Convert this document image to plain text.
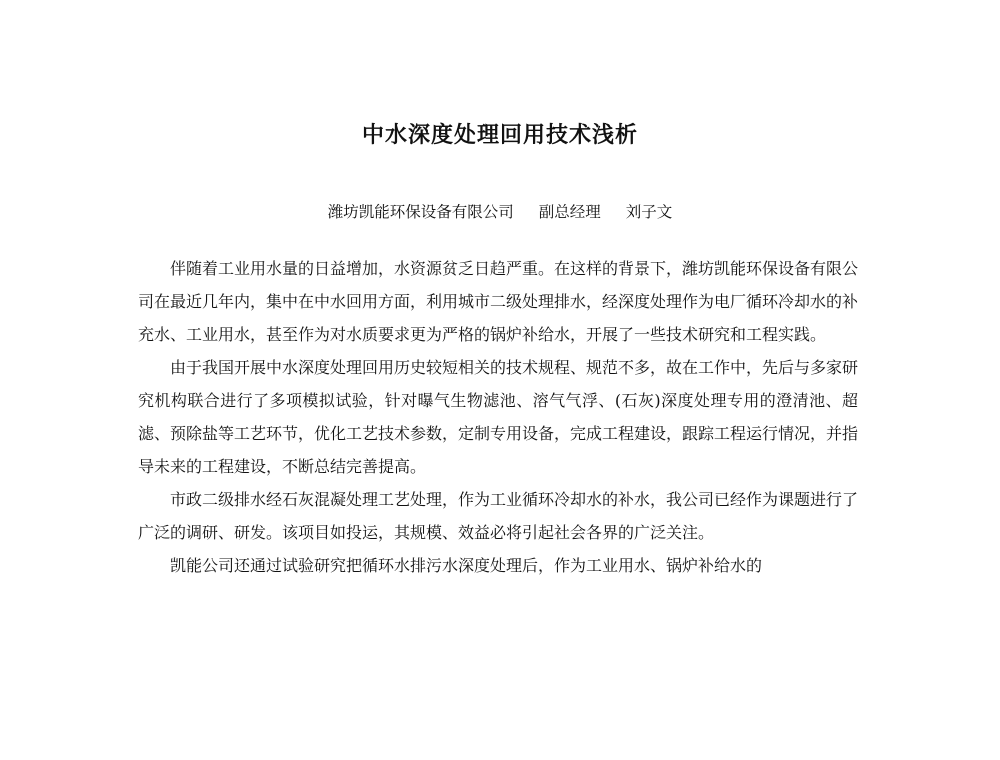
中水深度处理回用技术浅析
潍坊凯能环保设备有限公司 副总经理 刘子文

伴随着工业用水量的日益增加，水资源贫乏日趋严重。在这样的背景下，潍坊凯能环保设备有限公司在最近几年内，集中在中水回用方面，利用城市二级处理排水，经深度处理作为电厂循环冷却水的补充水、工业用水，甚至作为对水质要求更为严格的锅炉补给水，开展了一些技术研究和工程实践。

由于我国开展中水深度处理回用历史较短相关的技术规程、规范不多，故在工作中，先后与多家研究机构联合进行了多项模拟试验，针对曝气生物滤池、溶气气浮、(石灰)深度处理专用的澄清池、超滤、预除盐等工艺环节，优化工艺技术参数，定制专用设备，完成工程建设，跟踪工程运行情况，并指导未来的工程建设，不断总结完善提高。

市政二级排水经石灰混凝处理工艺处理，作为工业循环冷却水的补水，我公司已经作为课题进行了广泛的调研、研发。该项目如投运，其规模、效益必将引起社会各界的广泛关注。

凯能公司还通过试验研究把循环水排污水深度处理后，作为工业用水、锅炉补给水的
